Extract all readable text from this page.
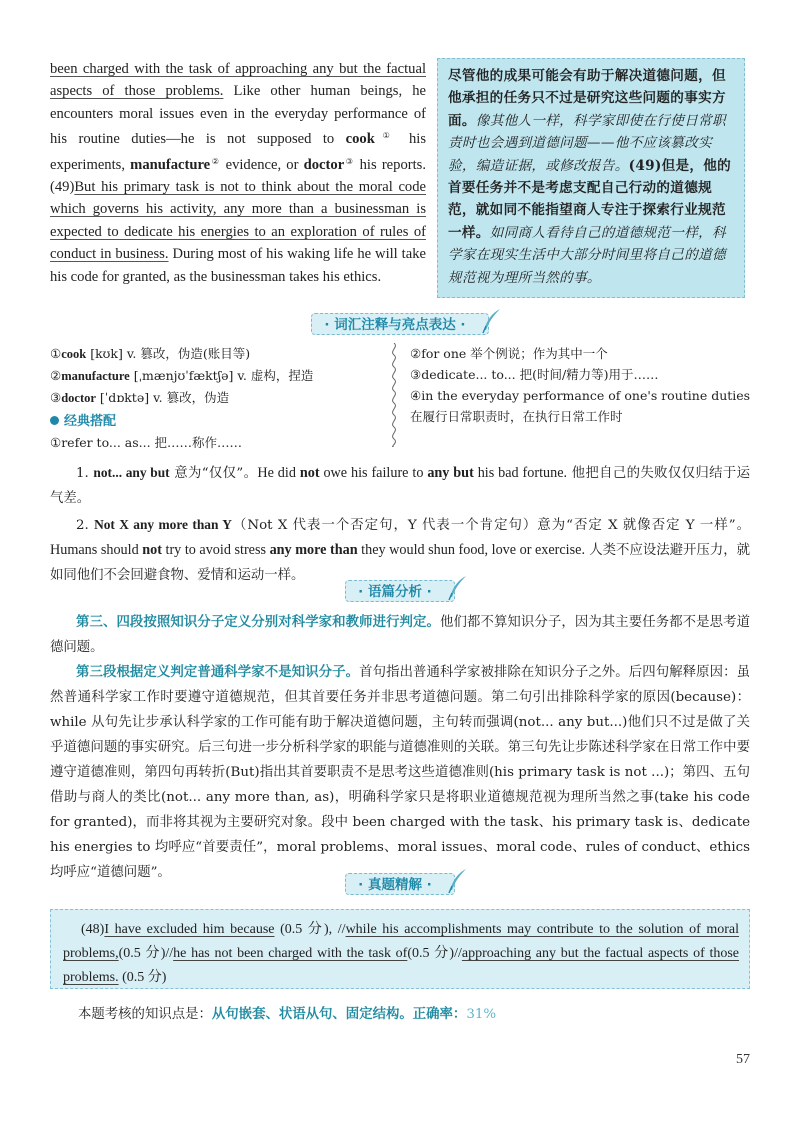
been charged with the task of approaching any but the factual aspects of those problems. Like other human beings, he encounters moral issues even in the everyday performance of his routine duties—he is not supposed to cook① his experiments, manufacture② evidence, or doctor③ his reports. (49)But his primary task is not to think about the moral code which governs his activity, any more than a businessman is expected to dedicate his energies to an exploration of rules of conduct in business. During most of his waking life he will take his code for granted, as the businessman takes his ethics.
尽管他的成果可能会有助于解决道德问题，但他承担的任务只不过是研究这些问题的事实方面。像其他人一样，科学家即使在行使日常职责时也会遇到道德问题——他不应该篡改实验，编造证据，或修改报告。(49)但是，他的首要任务并不是考虑支配自己行动的道德规范，就如同不能指望商人专注于探索行业规范一样。如同商人看待自己的道德规范一样，科学家在现实生活中大部分时间里将自己的道德规范视为理所当然的事。
· 词汇注释与亮点表达 ·
①cook [kʊk] v. 篡改，伪造(账目等)
②manufacture [ˌmænjʊˈfæktʃə] v. 虚构，捏造
③doctor [ˈdɒktə] v. 篡改，伪造
经典搭配
①refer to... as... 把……称作……
②for one 举个例说；作为其中一个
③dedicate... to... 把(时间/精力等)用于……
④in the everyday performance of one's routine duties
在履行日常职责时，在执行日常工作时
1. not... any but 意为“仅仅”。He did not owe his failure to any but his bad fortune. 他把自己的失败仅仅归结于运气差。
2. Not X any more than Y（Not X 代表一个否定句，Y 代表一个肯定句）意为“否定 X 就像否定 Y 一样”。Humans should not try to avoid stress any more than they would shun food, love or exercise. 人类不应设法避开压力，就如同他们不会回避食物、爱情和运动一样。
· 语篇分析 ·
第三、四段按照知识分子定义分别对科学家和教师进行判定。他们都不算知识分子，因为其主要任务都不是思考道德问题。
第三段根据定义判定普通科学家不是知识分子。首句指出普通科学家被排除在知识分子之外。后四句解释原因：虽然普通科学家工作时要遵守道德规范，但其首要任务并非思考道德问题。第二句引出排除科学家的原因(because)：while 从句先让步承认科学家的工作可能有助于解决道德问题，主句转而强调(not... any but...)他们只不过是做了关乎道德问题的事实研究。后三句进一步分析科学家的职能与道德准则的关联。第三句先让步陈述科学家在日常工作中要遵守道德准则，第四句再转折(But)指出其首要职责不是思考这些道德准则(his primary task is not ...)；第四、五句借助与商人的类比(not... any more than, as)，明确科学家只是将职业道德规范视为理所当然之事(take his code for granted)，而非将其视为主要研究对象。段中 been charged with the task、his primary task is、dedicate his energies to 均呼应“首要责任”，moral problems、moral issues、moral code、rules of conduct、ethics 均呼应“道德问题”。
· 真题精解 ·
(48)I have excluded him because (0.5 分), //while his accomplishments may contribute to the solution of moral problems,(0.5 分)//he has not been charged with the task of(0.5 分)//approaching any but the factual aspects of those problems. (0.5 分)
本题考核的知识点是：从句嵌套、状语从句、固定结构。正确率：31%
57
